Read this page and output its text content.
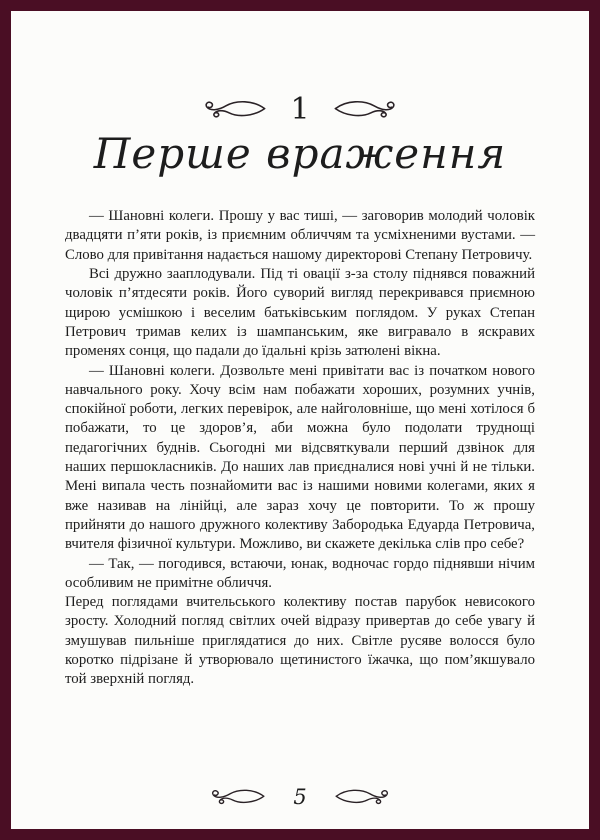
1
Перше враження

— Шановні колеги. Прошу у вас тиші, — заговорив молодий чоловік двадцяти п’яти років, із приємним обличчям та усміхненими вустами. — Слово для привітання надається нашому директорові Степану Петровичу.

Всі дружно зааплодували. Під ті овації з-за столу піднявся поважний чоловік п’ятдесяти років. Його суворий вигляд перекривався приємною щирою усмішкою і веселим батьківським поглядом. У руках Степан Петрович тримав келих із шампанським, яке вигравало в яскравих променях сонця, що падали до їдальні крізь затюлені вікна.

— Шановні колеги. Дозвольте мені привітати вас із початком нового навчального року. Хочу всім нам побажати хороших, розумних учнів, спокійної роботи, легких перевірок, але найголовніше, що мені хотілося б побажати, то це здоров’я, аби можна було подолати труднощі педагогічних буднів. Сьогодні ми відсвяткували перший дзвінок для наших першокласників. До наших лав приєдналися нові учні й не тільки. Мені випала честь познайомити вас із нашими новими колегами, яких я вже називав на лінійці, але зараз хочу це повторити. То ж прошу прийняти до нашого дружного колективу Забородька Едуарда Петровича, вчителя фізичної культури. Можливо, ви скажете декілька слів про себе?

— Так, — погодився, встаючи, юнак, водночас гордо піднявши нічим особливим не примітне обличчя.

Перед поглядами вчительського колективу постав парубок невисокого зросту. Холодний погляд світлих очей відразу привертав до себе увагу й змушував пильніше приглядатися до них. Світле русяве волосся було коротко підрізане й утворювало щетинистого їжачка, що пом’якшувало той зверхній погляд.

5
